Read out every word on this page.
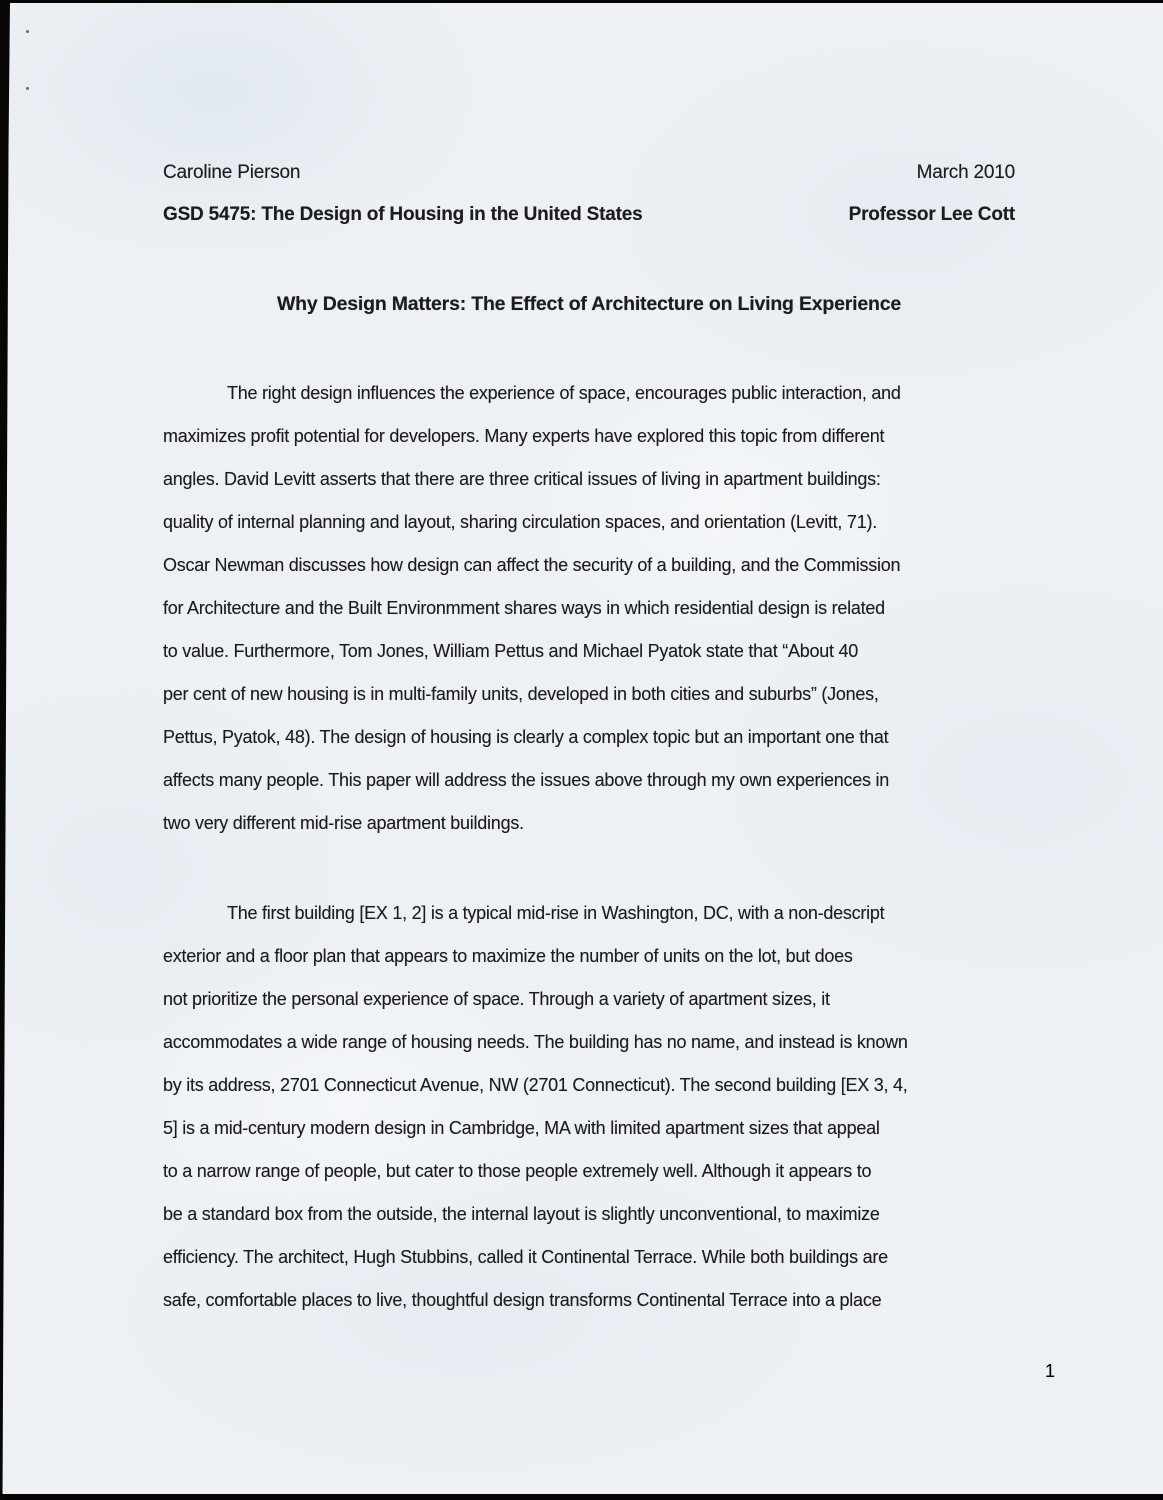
Caroline Pierson	March 2010
GSD 5475: The Design of Housing in the United States	Professor Lee Cott
Why Design Matters: The Effect of Architecture on Living Experience
The right design influences the experience of space, encourages public interaction, and
maximizes profit potential for developers. Many experts have explored this topic from different
angles. David Levitt asserts that there are three critical issues of living in apartment buildings:
quality of internal planning and layout, sharing circulation spaces, and orientation (Levitt, 71).
Oscar Newman discusses how design can affect the security of a building, and the Commission
for Architecture and the Built Environmment shares ways in which residential design is related
to value. Furthermore, Tom Jones, William Pettus and Michael Pyatok state that “About 40
per cent of new housing is in multi-family units, developed in both cities and suburbs” (Jones,
Pettus, Pyatok, 48). The design of housing is clearly a complex topic but an important one that
affects many people. This paper will address the issues above through my own experiences in
two very different mid-rise apartment buildings.
The first building [EX 1, 2] is a typical mid-rise in Washington, DC, with a non-descript
exterior and a floor plan that appears to maximize the number of units on the lot, but does
not prioritize the personal experience of space. Through a variety of apartment sizes, it
accommodates a wide range of housing needs. The building has no name, and instead is known
by its address, 2701 Connecticut Avenue, NW (2701 Connecticut). The second building [EX 3, 4,
5] is a mid-century modern design in Cambridge, MA with limited apartment sizes that appeal
to a narrow range of people, but cater to those people extremely well. Although it appears to
be a standard box from the outside, the internal layout is slightly unconventional, to maximize
efficiency. The architect, Hugh Stubbins, called it Continental Terrace. While both buildings are
safe, comfortable places to live, thoughtful design transforms Continental Terrace into a place
1
